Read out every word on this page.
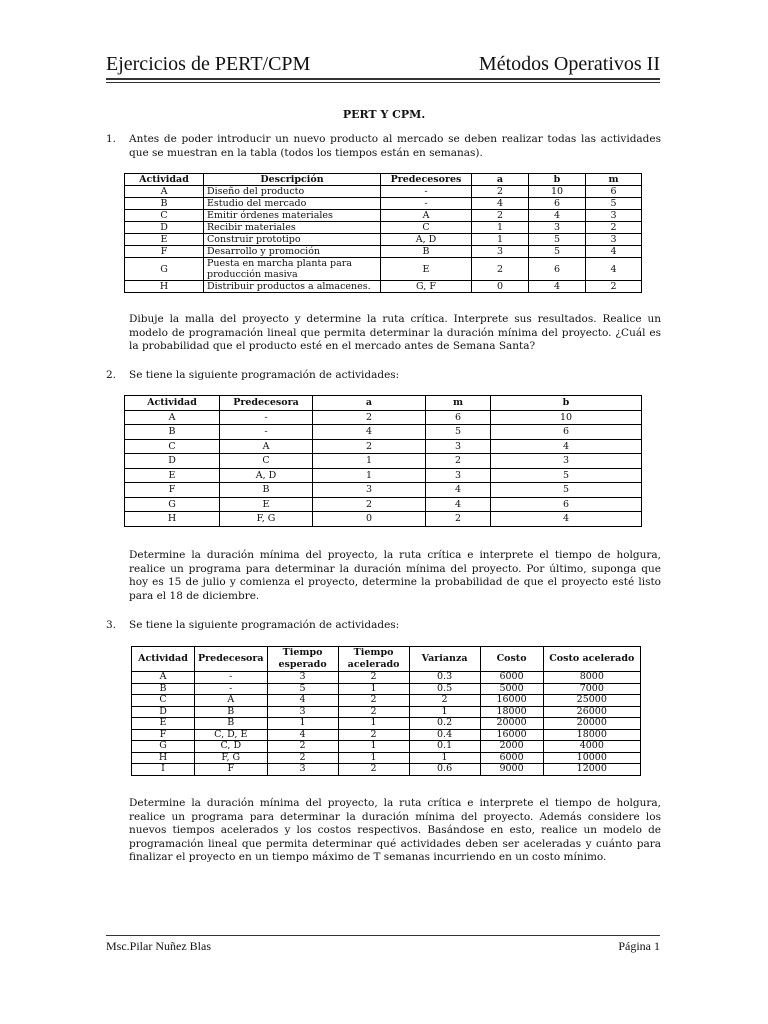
Ejercicios de PERT/CPM	Métodos Operativos II
PERT Y CPM.
1. Antes de poder introducir un nuevo producto al mercado se deben realizar todas las actividades que se muestran en la tabla (todos los tiempos están en semanas).
Actividad	Descripción	Predecesores	a	b	m
A	Diseño del producto	-	2	10	6
B	Estudio del mercado	-	4	6	5
C	Emitir órdenes materiales	A	2	4	3
D	Recibir materiales	C	1	3	2
E	Construir prototipo	A, D	1	5	3
F	Desarrollo y promoción	B	3	5	4
G	Puesta en marcha planta para producción masiva	E	2	6	4
H	Distribuir productos a almacenes.	G, F	0	4	2
Dibuje la malla del proyecto y determine la ruta crítica. Interprete sus resultados. Realice un modelo de programación lineal que permita determinar la duración mínima del proyecto. ¿Cuál es la probabilidad que el producto esté en el mercado antes de Semana Santa?
2. Se tiene la siguiente programación de actividades:
Actividad	Predecesora	a	m	b
A	-	2	6	10
B	-	4	5	6
C	A	2	3	4
D	C	1	2	3
E	A, D	1	3	5
F	B	3	4	5
G	E	2	4	6
H	F, G	0	2	4
Determine la duración mínima del proyecto, la ruta crítica e interprete el tiempo de holgura, realice un programa para determinar la duración mínima del proyecto. Por último, suponga que hoy es 15 de julio y comienza el proyecto, determine la probabilidad de que el proyecto esté listo para el 18 de diciembre.
3. Se tiene la siguiente programación de actividades:
Actividad	Predecesora	Tiempo esperado	Tiempo acelerado	Varianza	Costo	Costo acelerado
A	-	3	2	0.3	6000	8000
B	-	5	1	0.5	5000	7000
C	A	4	2	2	16000	25000
D	B	3	2	1	18000	26000
E	B	1	1	0.2	20000	20000
F	C, D, E	4	2	0.4	16000	18000
G	C, D	2	1	0.1	2000	4000
H	F, G	2	1	1	6000	10000
I	F	3	2	0.6	9000	12000
Determine la duración mínima del proyecto, la ruta crítica e interprete el tiempo de holgura, realice un programa para determinar la duración mínima del proyecto. Además considere los nuevos tiempos acelerados y los costos respectivos. Basándose en esto, realice un modelo de programación lineal que permita determinar qué actividades deben ser aceleradas y cuánto para finalizar el proyecto en un tiempo máximo de T semanas incurriendo en un costo mínimo.
Msc.Pilar Nuñez Blas	Página 1
